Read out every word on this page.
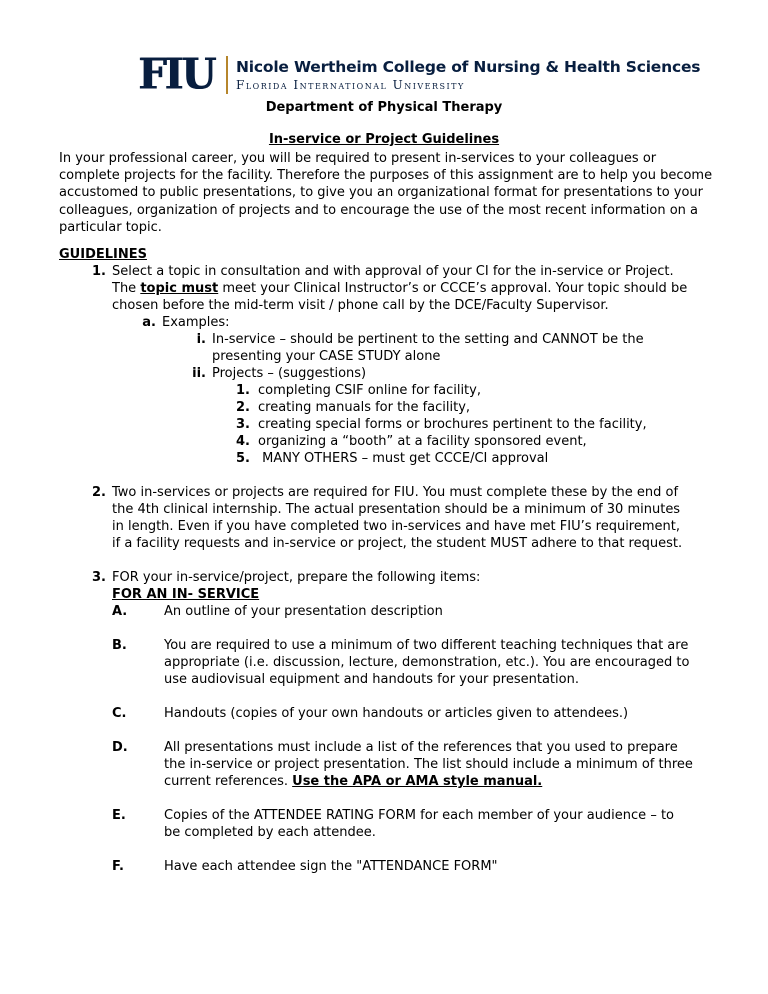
FIU	Nicole Wertheim College of Nursing & Health Sciences
Florida International University
Department of Physical Therapy
In-service or Project Guidelines
In your professional career, you will be required to present in-services to your colleagues or complete projects for the facility. Therefore the purposes of this assignment are to help you become accustomed to public presentations, to give you an organizational format for presentations to your colleagues, organization of projects and to encourage the use of the most recent information on a particular topic.
GUIDELINES
1. Select a topic in consultation and with approval of your CI for the in-service or Project.
The topic must meet your Clinical Instructor’s or CCCE’s approval. Your topic should be
chosen before the mid-term visit / phone call by the DCE/Faculty Supervisor.
a. Examples:
i. In-service – should be pertinent to the setting and CANNOT be the
presenting your CASE STUDY alone
ii. Projects – (suggestions)
1. completing CSIF online for facility,
2. creating manuals for the facility,
3. creating special forms or brochures pertinent to the facility,
4. organizing a “booth” at a facility sponsored event,
5. MANY OTHERS – must get CCCE/CI approval
2. Two in-services or projects are required for FIU. You must complete these by the end of
the 4th clinical internship. The actual presentation should be a minimum of 30 minutes
in length. Even if you have completed two in-services and have met FIU’s requirement,
if a facility requests and in-service or project, the student MUST adhere to that request.
3. FOR your in-service/project, prepare the following items:
FOR AN IN- SERVICE
A.	An outline of your presentation description
B.	You are required to use a minimum of two different teaching techniques that are
appropriate (i.e. discussion, lecture, demonstration, etc.). You are encouraged to
use audiovisual equipment and handouts for your presentation.
C.	Handouts (copies of your own handouts or articles given to attendees.)
D.	All presentations must include a list of the references that you used to prepare
the in-service or project presentation. The list should include a minimum of three
current references. Use the APA or AMA style manual.
E.	Copies of the ATTENDEE RATING FORM for each member of your audience – to
be completed by each attendee.
F.	Have each attendee sign the "ATTENDANCE FORM"
